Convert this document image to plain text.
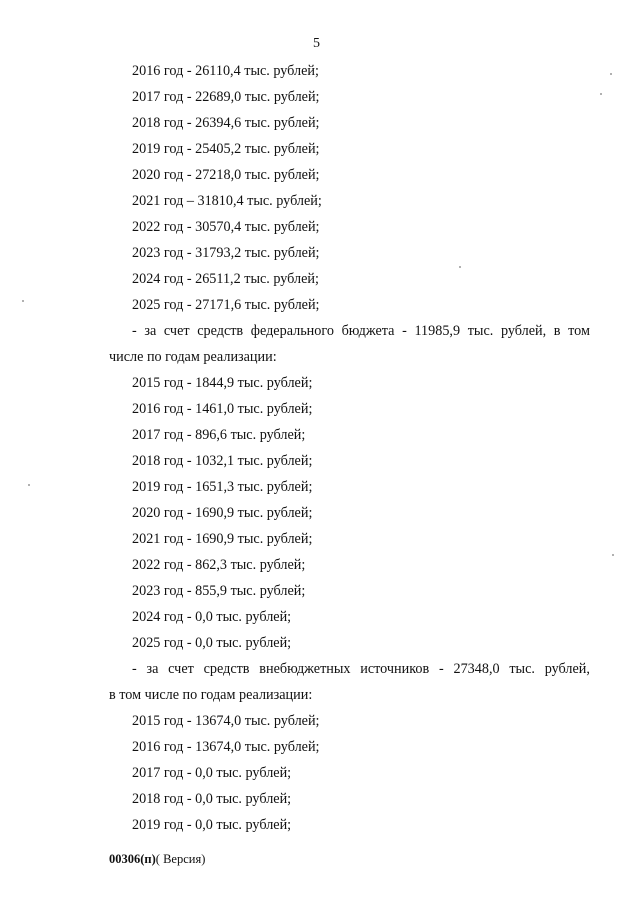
5
2016 год - 26110,4 тыс. рублей;
2017 год - 22689,0 тыс. рублей;
2018 год - 26394,6 тыс. рублей;
2019 год - 25405,2 тыс. рублей;
2020 год - 27218,0 тыс. рублей;
2021 год – 31810,4 тыс. рублей;
2022 год - 30570,4 тыс. рублей;
2023 год - 31793,2 тыс. рублей;
2024 год - 26511,2 тыс. рублей;
2025 год - 27171,6 тыс. рублей;
- за счет средств федерального бюджета - 11985,9 тыс. рублей, в том
числе по годам реализации:
2015 год - 1844,9 тыс. рублей;
2016 год - 1461,0 тыс. рублей;
2017 год - 896,6 тыс. рублей;
2018 год - 1032,1 тыс. рублей;
2019 год - 1651,3 тыс. рублей;
2020 год - 1690,9 тыс. рублей;
2021 год - 1690,9 тыс. рублей;
2022 год - 862,3 тыс. рублей;
2023 год - 855,9 тыс. рублей;
2024 год - 0,0 тыс. рублей;
2025 год - 0,0 тыс. рублей;
- за счет средств внебюджетных источников - 27348,0 тыс. рублей,
в том числе по годам реализации:
2015 год - 13674,0 тыс. рублей;
2016 год - 13674,0 тыс. рублей;
2017 год - 0,0 тыс. рублей;
2018 год - 0,0 тыс. рублей;
2019 год - 0,0 тыс. рублей;
00306(п)( Версия)
